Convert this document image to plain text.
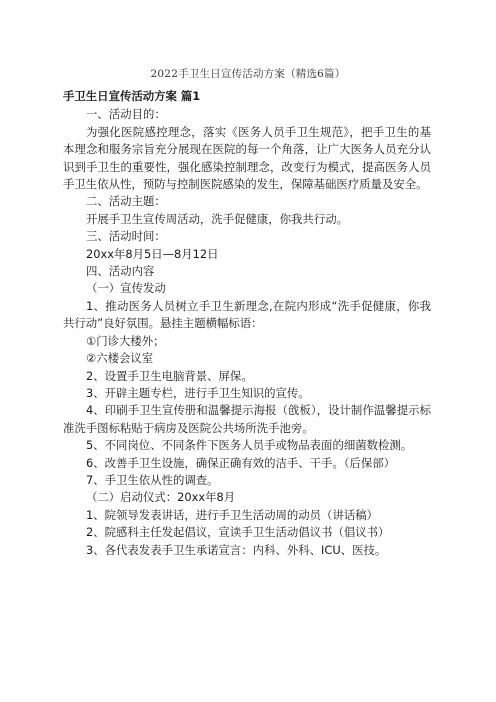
2022手卫生日宣传活动方案（精选6篇）

手卫生日宣传活动方案 篇1

一、活动目的：

为强化医院感控理念，落实《医务人员手卫生规范》，把手卫生的基本理念和服务宗旨充分展现在医院的每一个角落，让广大医务人员充分认识到手卫生的重要性，强化感染控制理念，改变行为模式，提高医务人员手卫生依从性，预防与控制医院感染的发生，保障基础医疗质量及安全。

二、活动主题：

开展手卫生宣传周活动，洗手促健康，你我共行动。

三、活动时间：

20xx年8月5日—8月12日

四、活动内容

（一）宣传发动

1、推动医务人员树立手卫生新理念,在院内形成“洗手促健康，你我共行动”良好氛围。悬挂主题横幅标语：

①门诊大楼外；

②六楼会议室

2、设置手卫生电脑背景、屏保。

3、开辟主题专栏，进行手卫生知识的宣传。

4、印刷手卫生宣传册和温馨提示海报（戗板），设计制作温馨提示标准洗手图标粘贴于病房及医院公共场所洗手池旁。

5、不同岗位、不同条件下医务人员手或物品表面的细菌数检测。

6、改善手卫生设施，确保正确有效的洁手、干手。（后保部）

7、手卫生依从性的调查。

（二）启动仪式：20xx年8月

1、院领导发表讲话，进行手卫生活动周的动员（讲话稿）

2、院感科主任发起倡议，宣读手卫生活动倡议书（倡议书）

3、各代表发表手卫生承诺宣言：内科、外科、ICU、医技。
